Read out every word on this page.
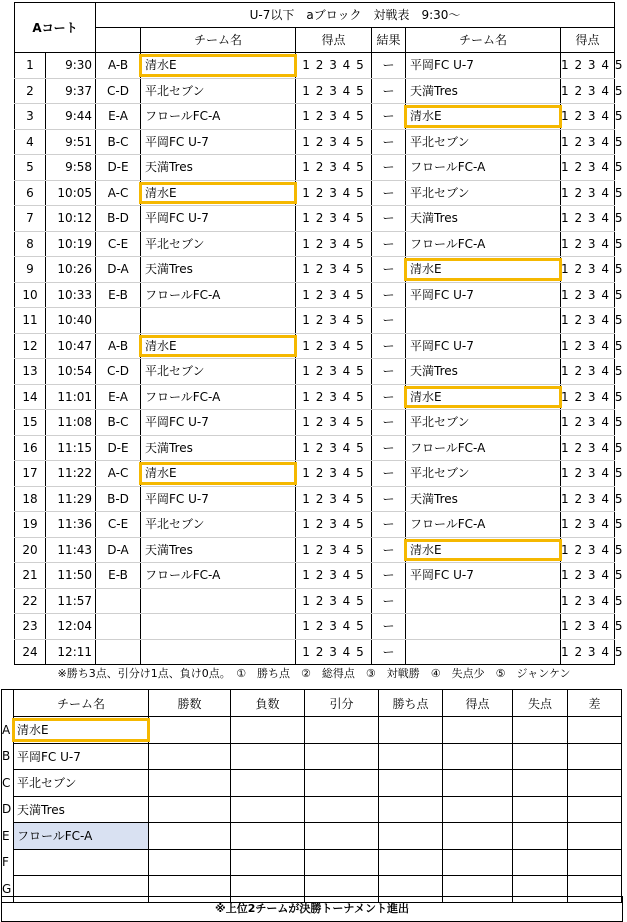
Aコート		U-7以下　aブロック　対戦表　9:30〜					
			チーム名	得点	結果	チーム名	得点
1	9:30	A-B	清水E	1 2 3 4 5	ー	平岡FC U-7	1 2 3 4 5
2	9:37	C-D	平北セブン	1 2 3 4 5	ー	天満Tres	1 2 3 4 5
3	9:44	E-A	フロールFC-A	1 2 3 4 5	ー	清水E	1 2 3 4 5
4	9:51	B-C	平岡FC U-7	1 2 3 4 5	ー	平北セブン	1 2 3 4 5
5	9:58	D-E	天満Tres	1 2 3 4 5	ー	フロールFC-A	1 2 3 4 5
6	10:05	A-C	清水E	1 2 3 4 5	ー	平北セブン	1 2 3 4 5
7	10:12	B-D	平岡FC U-7	1 2 3 4 5	ー	天満Tres	1 2 3 4 5
8	10:19	C-E	平北セブン	1 2 3 4 5	ー	フロールFC-A	1 2 3 4 5
9	10:26	D-A	天満Tres	1 2 3 4 5	ー	清水E	1 2 3 4 5
10	10:33	E-B	フロールFC-A	1 2 3 4 5	ー	平岡FC U-7	1 2 3 4 5
11	10:40			1 2 3 4 5	ー		1 2 3 4 5
12	10:47	A-B	清水E	1 2 3 4 5	ー	平岡FC U-7	1 2 3 4 5
13	10:54	C-D	平北セブン	1 2 3 4 5	ー	天満Tres	1 2 3 4 5
14	11:01	E-A	フロールFC-A	1 2 3 4 5	ー	清水E	1 2 3 4 5
15	11:08	B-C	平岡FC U-7	1 2 3 4 5	ー	平北セブン	1 2 3 4 5
16	11:15	D-E	天満Tres	1 2 3 4 5	ー	フロールFC-A	1 2 3 4 5
17	11:22	A-C	清水E	1 2 3 4 5	ー	平北セブン	1 2 3 4 5
18	11:29	B-D	平岡FC U-7	1 2 3 4 5	ー	天満Tres	1 2 3 4 5
19	11:36	C-E	平北セブン	1 2 3 4 5	ー	フロールFC-A	1 2 3 4 5
20	11:43	D-A	天満Tres	1 2 3 4 5	ー	清水E	1 2 3 4 5
21	11:50	E-B	フロールFC-A	1 2 3 4 5	ー	平岡FC U-7	1 2 3 4 5
22	11:57			1 2 3 4 5	ー		1 2 3 4 5
23	12:04			1 2 3 4 5	ー		1 2 3 4 5
24	12:11			1 2 3 4 5	ー		1 2 3 4 5
※勝ち3点、引分け1点、負け0点。　①　勝ち点　②　総得点　③　対戦勝　④　失点少　⑤　ジャンケン
	チーム名	勝数	負数	引分	勝ち点	得点	失点	差
A	清水E							
B	平岡FC U-7							
C	平北セブン							
D	天満Tres							
E	フロールFC-A							
F								
G								
※上位2チームが決勝トーナメント進出
